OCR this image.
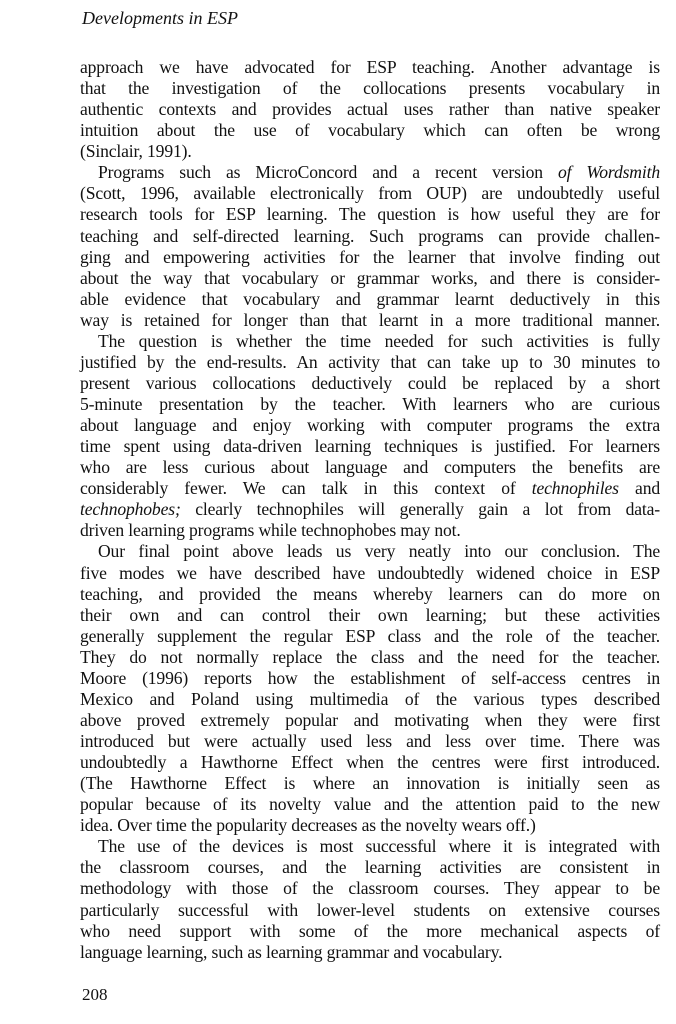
Developments in ESP
approach we have advocated for ESP teaching. Another advantage is
that the investigation of the collocations presents vocabulary in
authentic contexts and provides actual uses rather than native speaker
intuition about the use of vocabulary which can often be wrong
(Sinclair, 1991).
Programs such as MicroConcord and a recent version of Wordsmith
(Scott, 1996, available electronically from OUP) are undoubtedly useful
research tools for ESP learning. The question is how useful they are for
teaching and self-directed learning. Such programs can provide challen-
ging and empowering activities for the learner that involve finding out
about the way that vocabulary or grammar works, and there is consider-
able evidence that vocabulary and grammar learnt deductively in this
way is retained for longer than that learnt in a more traditional manner.
The question is whether the time needed for such activities is fully
justified by the end-results. An activity that can take up to 30 minutes to
present various collocations deductively could be replaced by a short
5-minute presentation by the teacher. With learners who are curious
about language and enjoy working with computer programs the extra
time spent using data-driven learning techniques is justified. For learners
who are less curious about language and computers the benefits are
considerably fewer. We can talk in this context of technophiles and
technophobes; clearly technophiles will generally gain a lot from data-
driven learning programs while technophobes may not.
Our final point above leads us very neatly into our conclusion. The
five modes we have described have undoubtedly widened choice in ESP
teaching, and provided the means whereby learners can do more on
their own and can control their own learning; but these activities
generally supplement the regular ESP class and the role of the teacher.
They do not normally replace the class and the need for the teacher.
Moore (1996) reports how the establishment of self-access centres in
Mexico and Poland using multimedia of the various types described
above proved extremely popular and motivating when they were first
introduced but were actually used less and less over time. There was
undoubtedly a Hawthorne Effect when the centres were first introduced.
(The Hawthorne Effect is where an innovation is initially seen as
popular because of its novelty value and the attention paid to the new
idea. Over time the popularity decreases as the novelty wears off.)
The use of the devices is most successful where it is integrated with
the classroom courses, and the learning activities are consistent in
methodology with those of the classroom courses. They appear to be
particularly successful with lower-level students on extensive courses
who need support with some of the more mechanical aspects of
language learning, such as learning grammar and vocabulary.
208
